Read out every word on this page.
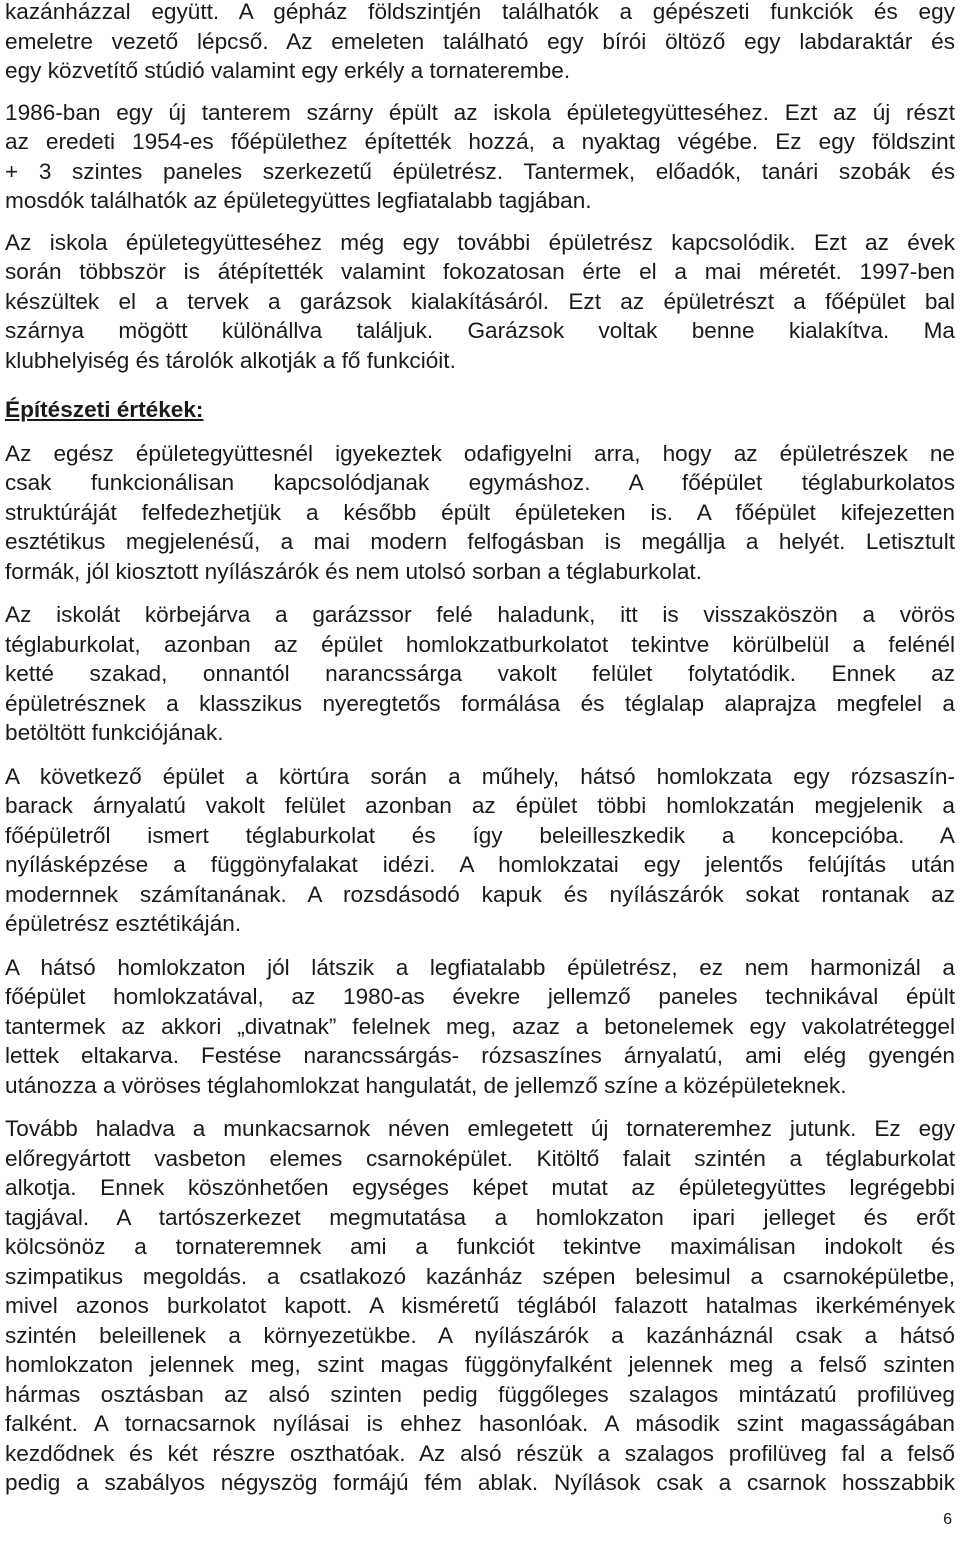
kazánházzal együtt. A gépház földszintjén találhatók a gépészeti funkciók és egy
emeletre vezető lépcső. Az emeleten található egy bírói öltöző egy labdaraktár és
egy közvetítő stúdió valamint egy erkély a tornaterembe.
1986-ban egy új tanterem szárny épült az iskola épületegyütteséhez. Ezt az új részt
az eredeti 1954-es főépülethez építették hozzá, a nyaktag végébe. Ez egy földszint
+ 3 szintes paneles szerkezetű épületrész. Tantermek, előadók, tanári szobák és
mosdók találhatók az épületegyüttes legfiatalabb tagjában.
Az iskola épületegyütteséhez még egy további épületrész kapcsolódik. Ezt az évek
során többször is átépítették valamint fokozatosan érte el a mai méretét. 1997-ben
készültek el a tervek a garázsok kialakításáról. Ezt az épületrészt a főépület bal
szárnya mögött különállva találjuk. Garázsok voltak benne kialakítva. Ma
klubhelyiség és tárolók alkotják a fő funkcióit.
Építészeti értékek:
Az egész épületegyüttesnél igyekeztek odafigyelni arra, hogy az épületrészek ne
csak funkcionálisan kapcsolódjanak egymáshoz. A főépület téglaburkolatos
struktúráját felfedezhetjük a később épült épületeken is. A főépület kifejezetten
esztétikus megjelenésű, a mai modern felfogásban is megállja a helyét. Letisztult
formák, jól kiosztott nyílászárók és nem utolsó sorban a téglaburkolat.
Az iskolát körbejárva a garázssor felé haladunk, itt is visszaköszön a vörös
téglaburkolat, azonban az épület homlokzatburkolatot tekintve körülbelül a felénél
ketté szakad, onnantól narancssárga vakolt felület folytatódik. Ennek az
épületrésznek a klasszikus nyeregtetős formálása és téglalap alaprajza megfelel a
betöltött funkciójának.
A következő épület a körtúra során a műhely, hátsó homlokzata egy rózsaszín-
barack árnyalatú vakolt felület azonban az épület többi homlokzatán megjelenik a
főépületről ismert téglaburkolat és így beleilleszkedik a koncepcióba. A
nyílásképzése a függönyfalakat idézi. A homlokzatai egy jelentős felújítás után
modernnek számítanának. A rozsdásodó kapuk és nyílászárók sokat rontanak az
épületrész esztétikáján.
A hátsó homlokzaton jól látszik a legfiatalabb épületrész, ez nem harmonizál a
főépület homlokzatával, az 1980-as évekre jellemző paneles technikával épült
tantermek az akkori „divatnak” felelnek meg, azaz a betonelemek egy vakolatréteggel
lettek eltakarva. Festése narancssárgás- rózsaszínes árnyalatú, ami elég gyengén
utánozza a vöröses téglahomlokzat hangulatát, de jellemző színe a középületeknek.
Tovább haladva a munkacsarnok néven emlegetett új tornateremhez jutunk. Ez egy
előregyártott vasbeton elemes csarnoképület. Kitöltő falait szintén a téglaburkolat
alkotja. Ennek köszönhetően egységes képet mutat az épületegyüttes legrégebbi
tagjával. A tartószerkezet megmutatása a homlokzaton ipari jelleget és erőt
kölcsönöz a tornateremnek ami a funkciót tekintve maximálisan indokolt és
szimpatikus megoldás. a csatlakozó kazánház szépen belesimul a csarnoképületbe,
mivel azonos burkolatot kapott. A kisméretű téglából falazott hatalmas ikerkémények
szintén beleillenek a környezetükbe. A nyílászárók a kazánháznál csak a hátsó
homlokzaton jelennek meg, szint magas függönyfalként jelennek meg a felső szinten
hármas osztásban az alsó szinten pedig függőleges szalagos mintázatú profilüveg
falként. A tornacsarnok nyílásai is ehhez hasonlóak. A második szint magasságában
kezdődnek és két részre oszthatóak. Az alsó részük a szalagos profilüveg fal a felső
pedig a szabályos négyszög formájú fém ablak. Nyílások csak a csarnok hosszabbik
6
